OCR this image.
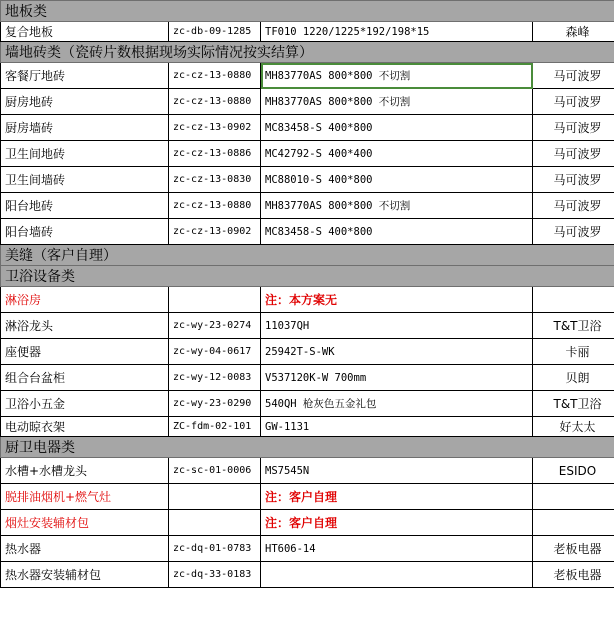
地板类			
复合地板	zc-db-09-1285	TF010 1220/1225*192/198*15	森峰
墙地砖类（瓷砖片数根据现场实际情况按实结算）			
客餐厅地砖	zc-cz-13-0880	MH83770AS 800*800 不切割	马可波罗
厨房地砖	zc-cz-13-0880	MH83770AS 800*800 不切割	马可波罗
厨房墙砖	zc-cz-13-0902	MC83458-S 400*800	马可波罗
卫生间地砖	zc-cz-13-0886	MC42792-S 400*400	马可波罗
卫生间墙砖	zc-cz-13-0830	MC88010-S 400*800	马可波罗
阳台地砖	zc-cz-13-0880	MH83770AS 800*800 不切割	马可波罗
阳台墙砖	zc-cz-13-0902	MC83458-S 400*800	马可波罗
美缝（客户自理）			
卫浴设备类			
淋浴房		注：本方案无	
淋浴龙头	zc-wy-23-0274	11037QH	T&T卫浴
座便器	zc-wy-04-0617	25942T-S-WK	卡丽
组合台盆柜	zc-wy-12-0083	V537120K-W 700mm	贝朗
卫浴小五金	zc-wy-23-0290	540QH 枪灰色五金礼包	T&T卫浴
电动晾衣架	ZC-fdm-02-101	GW-1131	好太太
厨卫电器类			
水槽+水槽龙头	zc-sc-01-0006	MS7545N	ESIDO
脱排油烟机+燃气灶		注：客户自理	
烟灶安装辅材包		注：客户自理	
热水器	zc-dq-01-0783	HT606-14	老板电器
热水器安装辅材包	zc-dq-33-0183		老板电器
